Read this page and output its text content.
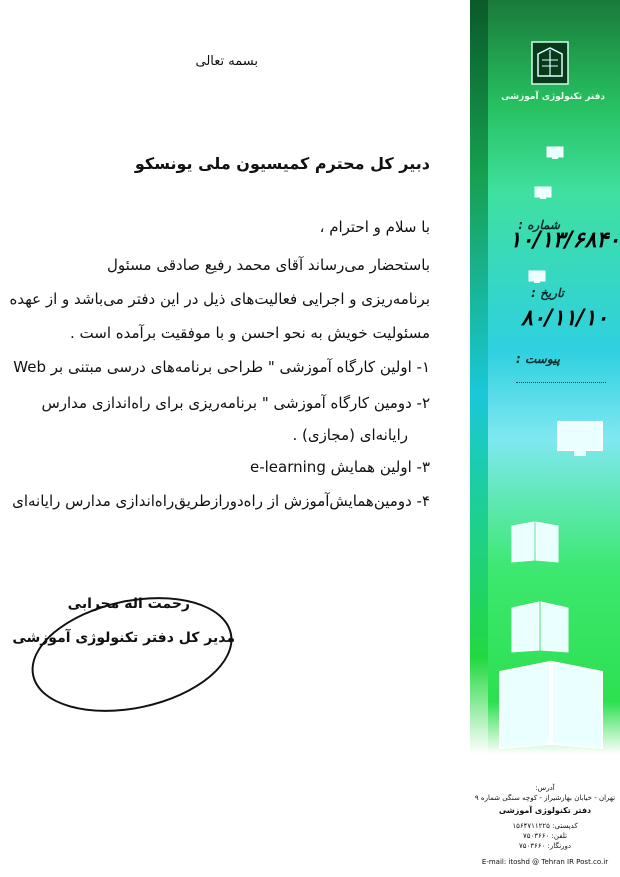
دفتر تکنولوژی آموزشی
شماره :
۱۰/۱۳/۶۸۴۰
تاریخ :
۸۰/۱۱/۱۰
پیوست :
آدرس:
تهران - خیابان بهارشیراز - کوچه سنگی شماره ۹
دفتر تکنولوژی آموزشی
کدپستی: ۱۵۶۴۷۱۱۲۲۵
تلفن: ۷۵۰۳۶۶۰
دورنگار: ۷۵۰۳۶۶۰
E-mail: itoshd @ Tehran IR Post.co.ir
بسمه تعالی
دبیر کل محترم کمیسیون ملی یونسکو
با سلام و احترام ،
باستحضار می‌رساند آقای محمد رفیع صادقی مسئول
برنامه‌ریزی و اجرایی فعالیت‌های ذیل در این دفتر می‌باشد و از عهده
مسئولیت خویش به نحو احسن و با موفقیت برآمده است .
۱- اولین کارگاه آموزشی " طراحی برنامه‌های درسی مبتنی بر Web
۲- دومین کارگاه آموزشی " برنامه‌ریزی برای راه‌اندازی مدارس
رایانه‌ای (مجازی) .
۳- اولین همایش e-learning
۴- دومین‌همایش‌آموزش از راه‌دوراز‌طریق‌راه‌اندازی مدارس رایانه‌ای
رحمت اله محرابی
مدیر کل دفتر تکنولوژی آموزشی
